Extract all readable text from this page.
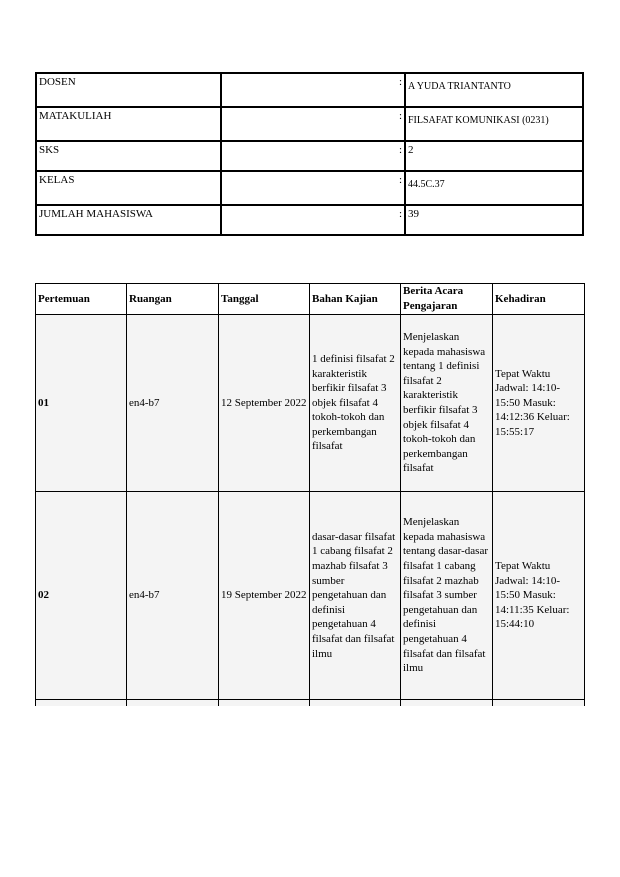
DOSEN	:	A YUDA TRIANTANTO
MATAKULIAH	:	FILSAFAT KOMUNIKASI (0231)
SKS	:	2
KELAS	:	44.5C.37
JUMLAH MAHASISWA	:	39
Pertemuan	Ruangan	Tanggal	Bahan Kajian	Berita Acara Pengajaran	Kehadiran
01	en4-b7	12 September 2022	1 definisi filsafat 2 karakteristik berfikir filsafat 3 objek filsafat 4 tokoh-tokoh dan perkembangan filsafat	Menjelaskan kepada mahasiswa tentang 1 definisi filsafat 2 karakteristik berfikir filsafat 3 objek filsafat 4 tokoh-tokoh dan perkembangan filsafat	Tepat Waktu Jadwal: 14:10-15:50 Masuk: 14:12:36 Keluar: 15:55:17
02	en4-b7	19 September 2022	dasar-dasar filsafat 1 cabang filsafat 2 mazhab filsafat 3 sumber pengetahuan dan definisi pengetahuan 4 filsafat dan filsafat ilmu	Menjelaskan kepada mahasiswa tentang dasar-dasar filsafat 1 cabang filsafat 2 mazhab filsafat 3 sumber pengetahuan dan definisi pengetahuan 4 filsafat dan filsafat ilmu	Tepat Waktu Jadwal: 14:10-15:50 Masuk: 14:11:35 Keluar: 15:44:10
